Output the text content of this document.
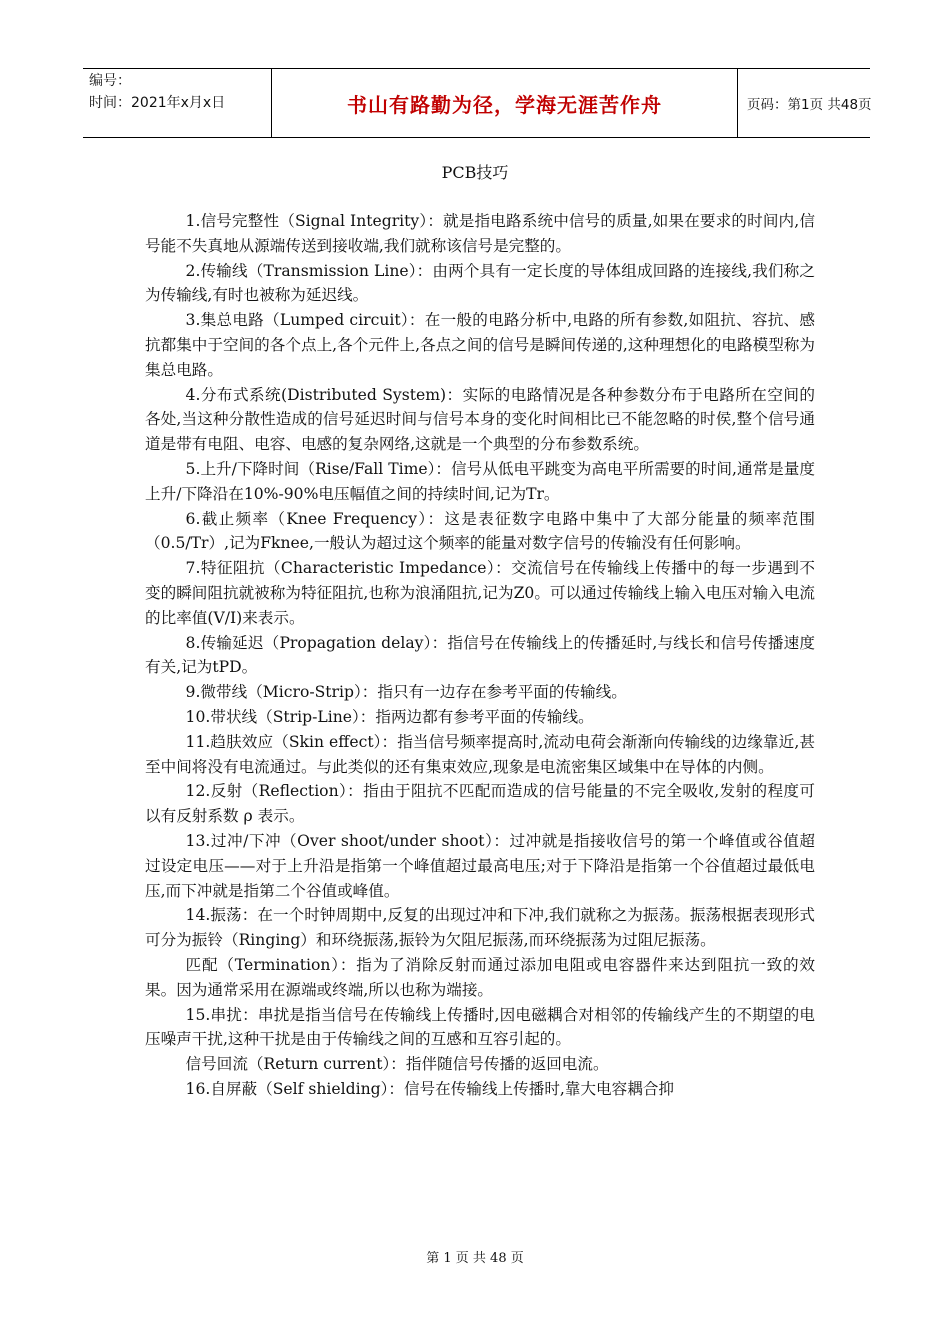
编号：
时间：2021年x月x日	书山有路勤为径，学海无涯苦作舟	页码：第1页 共48页
PCB技巧

1.信号完整性（Signal Integrity）：就是指电路系统中信号的质量,如果在要求的时间内,信号能不失真地从源端传送到接收端,我们就称该信号是完整的。

2.传输线（Transmission Line）：由两个具有一定长度的导体组成回路的连接线,我们称之为传输线,有时也被称为延迟线。

3.集总电路（Lumped circuit）：在一般的电路分析中,电路的所有参数,如阻抗、容抗、感抗都集中于空间的各个点上,各个元件上,各点之间的信号是瞬间传递的,这种理想化的电路模型称为集总电路。

4.分布式系统(Distributed System)：实际的电路情况是各种参数分布于电路所在空间的各处,当这种分散性造成的信号延迟时间与信号本身的变化时间相比已不能忽略的时侯,整个信号通道是带有电阻、电容、电感的复杂网络,这就是一个典型的分布参数系统。

5.上升/下降时间（Rise/Fall Time）：信号从低电平跳变为高电平所需要的时间,通常是量度上升/下降沿在10%-90%电压幅值之间的持续时间,记为Tr。

6.截止频率（Knee Frequency）：这是表征数字电路中集中了大部分能量的频率范围（0.5/Tr）,记为Fknee,一般认为超过这个频率的能量对数字信号的传输没有任何影响。

7.特征阻抗（Characteristic Impedance）：交流信号在传输线上传播中的每一步遇到不变的瞬间阻抗就被称为特征阻抗,也称为浪涌阻抗,记为Z0。可以通过传输线上输入电压对输入电流的比率值(V/I)来表示。

8.传输延迟（Propagation delay）：指信号在传输线上的传播延时,与线长和信号传播速度有关,记为tPD。

9.微带线（Micro-Strip）：指只有一边存在参考平面的传输线。

10.带状线（Strip-Line）：指两边都有参考平面的传输线。

11.趋肤效应（Skin effect）：指当信号频率提高时,流动电荷会渐渐向传输线的边缘靠近,甚至中间将没有电流通过。与此类似的还有集束效应,现象是电流密集区域集中在导体的内侧。

12.反射（Reflection）：指由于阻抗不匹配而造成的信号能量的不完全吸收,发射的程度可以有反射系数 ρ 表示。

13.过冲/下冲（Over shoot/under shoot）：过冲就是指接收信号的第一个峰值或谷值超过设定电压——对于上升沿是指第一个峰值超过最高电压;对于下降沿是指第一个谷值超过最低电压,而下冲就是指第二个谷值或峰值。

14.振荡：在一个时钟周期中,反复的出现过冲和下冲,我们就称之为振荡。振荡根据表现形式可分为振铃（Ringing）和环绕振荡,振铃为欠阻尼振荡,而环绕振荡为过阻尼振荡。

匹配（Termination）：指为了消除反射而通过添加电阻或电容器件来达到阻抗一致的效果。因为通常采用在源端或终端,所以也称为端接。

15.串扰：串扰是指当信号在传输线上传播时,因电磁耦合对相邻的传输线产生的不期望的电压噪声干扰,这种干扰是由于传输线之间的互感和互容引起的。

信号回流（Return current）：指伴随信号传播的返回电流。

16.自屏蔽（Self shielding）：信号在传输线上传播时,靠大电容耦合抑

第 1 页 共 48 页
